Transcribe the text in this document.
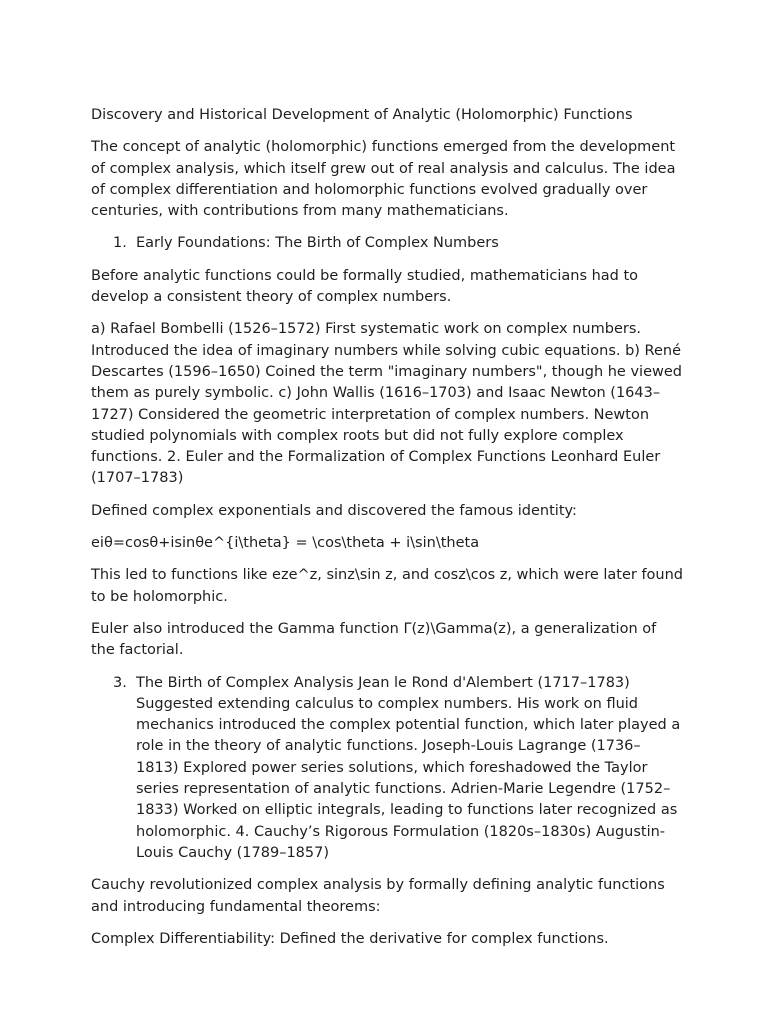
Discovery and Historical Development of Analytic (Holomorphic) Functions

The concept of analytic (holomorphic) functions emerged from the development of complex analysis, which itself grew out of real analysis and calculus. The idea of complex differentiation and holomorphic functions evolved gradually over centuries, with contributions from many mathematicians.

1. Early Foundations: The Birth of Complex Numbers

Before analytic functions could be formally studied, mathematicians had to develop a consistent theory of complex numbers.

a) Rafael Bombelli (1526–1572) First systematic work on complex numbers. Introduced the idea of imaginary numbers while solving cubic equations. b) René Descartes (1596–1650) Coined the term "imaginary numbers", though he viewed them as purely symbolic. c) John Wallis (1616–1703) and Isaac Newton (1643–1727) Considered the geometric interpretation of complex numbers. Newton studied polynomials with complex roots but did not fully explore complex functions. 2. Euler and the Formalization of Complex Functions Leonhard Euler (1707–1783)

Defined complex exponentials and discovered the famous identity:

eiθ=cosθ+isinθe^{i\theta} = \cos\theta + i\sin\theta

This led to functions like eze^z, sinz\sin z, and cosz\cos z, which were later found to be holomorphic.

Euler also introduced the Gamma function Γ(z)\Gamma(z), a generalization of the factorial.

3. The Birth of Complex Analysis Jean le Rond d'Alembert (1717–1783) Suggested extending calculus to complex numbers. His work on fluid mechanics introduced the complex potential function, which later played a role in the theory of analytic functions. Joseph-Louis Lagrange (1736–1813) Explored power series solutions, which foreshadowed the Taylor series representation of analytic functions. Adrien-Marie Legendre (1752–1833) Worked on elliptic integrals, leading to functions later recognized as holomorphic. 4. Cauchy’s Rigorous Formulation (1820s–1830s) Augustin-Louis Cauchy (1789–1857)

Cauchy revolutionized complex analysis by formally defining analytic functions and introducing fundamental theorems:

Complex Differentiability: Defined the derivative for complex functions.
